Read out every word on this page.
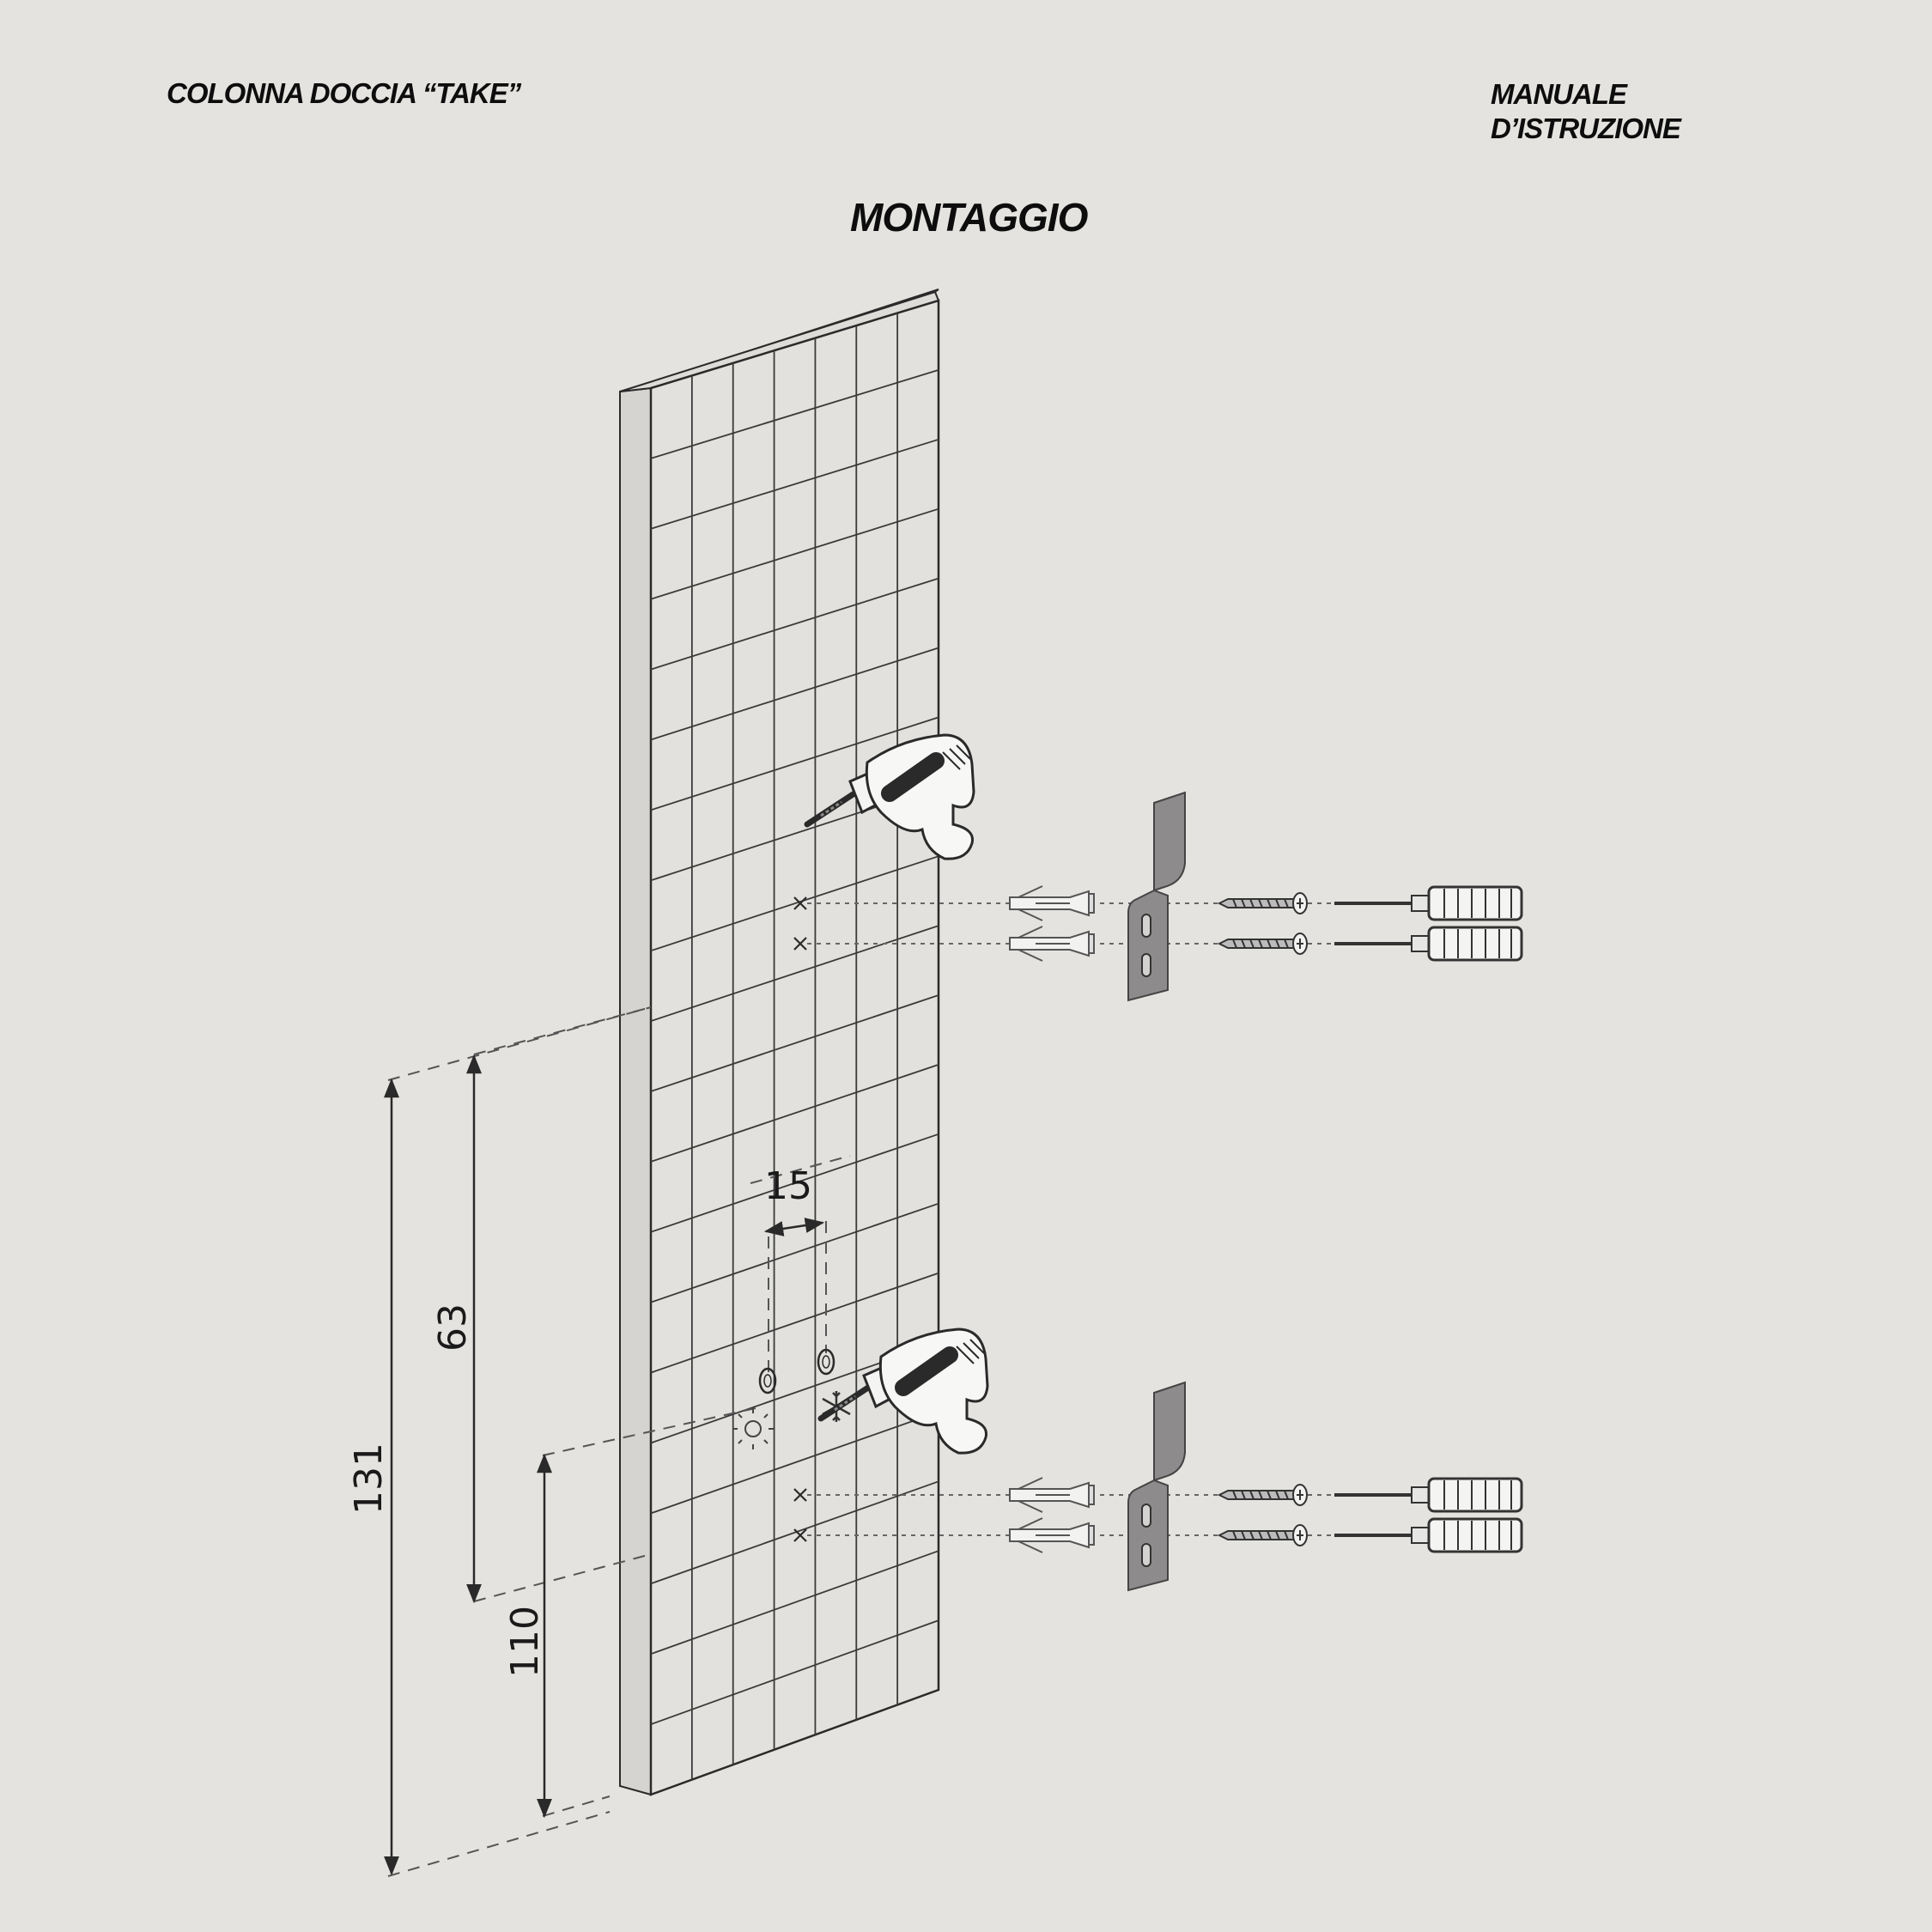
COLONNA DOCCIA “TAKE”	MANUALE
D’ISTRUZIONE
MONTAGGIO
15
63
131
110
